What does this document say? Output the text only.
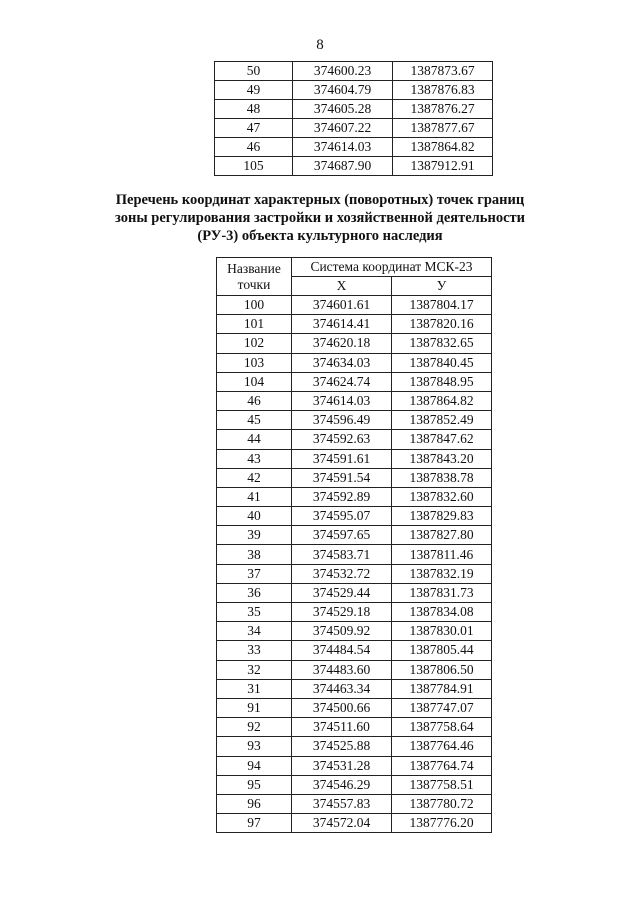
8
50	374600.23	1387873.67
49	374604.79	1387876.83
48	374605.28	1387876.27
47	374607.22	1387877.67
46	374614.03	1387864.82
105	374687.90	1387912.91
Перечень координат характерных (поворотных) точек границ зоны регулирования застройки и хозяйственной деятельности (РУ-3) объекта культурного наследия
Название точки	Система координат МСК-23	
	X	У
100	374601.61	1387804.17
101	374614.41	1387820.16
102	374620.18	1387832.65
103	374634.03	1387840.45
104	374624.74	1387848.95
46	374614.03	1387864.82
45	374596.49	1387852.49
44	374592.63	1387847.62
43	374591.61	1387843.20
42	374591.54	1387838.78
41	374592.89	1387832.60
40	374595.07	1387829.83
39	374597.65	1387827.80
38	374583.71	1387811.46
37	374532.72	1387832.19
36	374529.44	1387831.73
35	374529.18	1387834.08
34	374509.92	1387830.01
33	374484.54	1387805.44
32	374483.60	1387806.50
31	374463.34	1387784.91
91	374500.66	1387747.07
92	374511.60	1387758.64
93	374525.88	1387764.46
94	374531.28	1387764.74
95	374546.29	1387758.51
96	374557.83	1387780.72
97	374572.04	1387776.20
